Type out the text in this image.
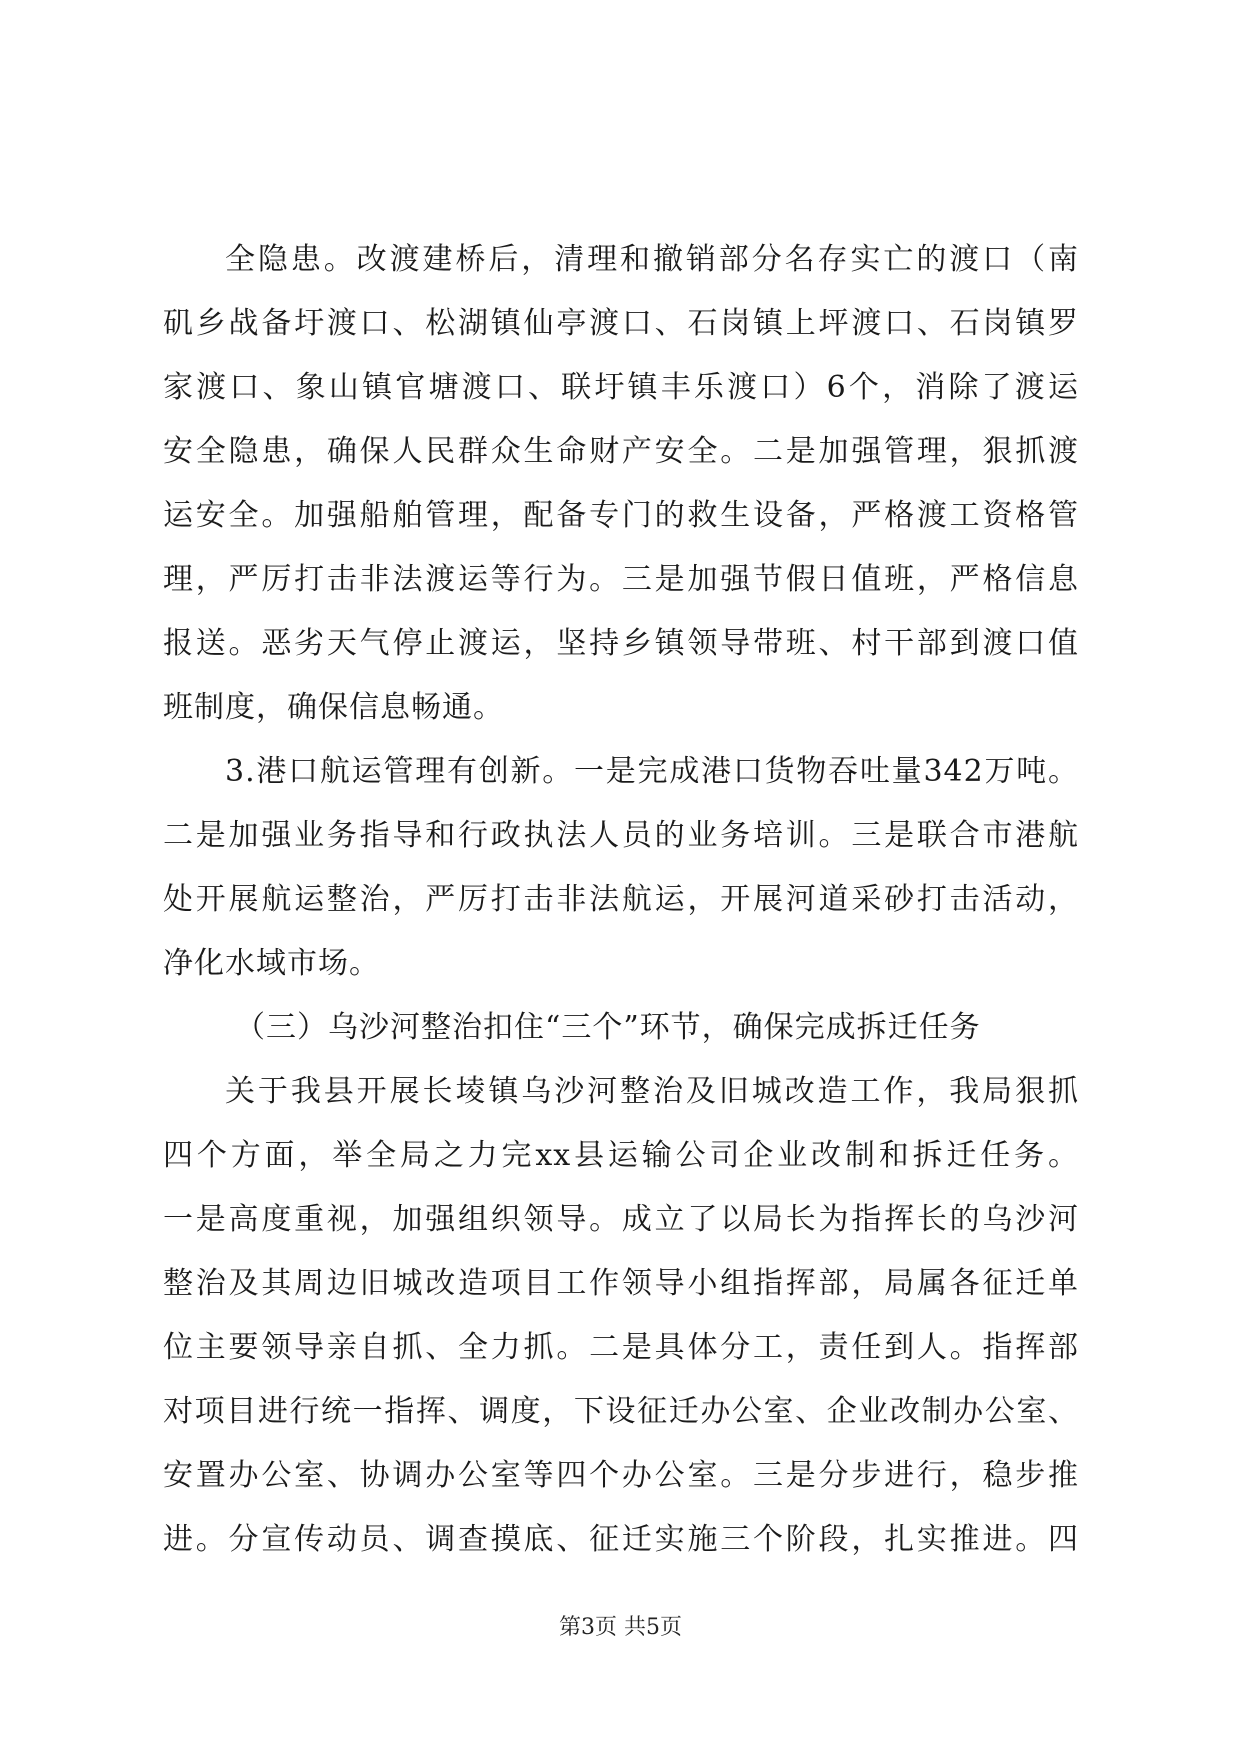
全隐患。改渡建桥后，清理和撤销部分名存实亡的渡口（南
矶乡战备圩渡口、松湖镇仙亭渡口、石岗镇上坪渡口、石岗镇罗
家渡口、象山镇官塘渡口、联圩镇丰乐渡口）6个，消除了渡运
安全隐患，确保人民群众生命财产安全。二是加强管理，狠抓渡
运安全。加强船舶管理，配备专门的救生设备，严格渡工资格管
理，严厉打击非法渡运等行为。三是加强节假日值班，严格信息
报送。恶劣天气停止渡运，坚持乡镇领导带班、村干部到渡口值
班制度，确保信息畅通。
3.港口航运管理有创新。一是完成港口货物吞吐量342万吨。
二是加强业务指导和行政执法人员的业务培训。三是联合市港航
处开展航运整治，严厉打击非法航运，开展河道采砂打击活动，
净化水域市场。
（三）乌沙河整治扣住“三个”环节，确保完成拆迁任务
关于我县开展长堎镇乌沙河整治及旧城改造工作，我局狠抓
四个方面，举全局之力完xx县运输公司企业改制和拆迁任务。
一是高度重视，加强组织领导。成立了以局长为指挥长的乌沙河
整治及其周边旧城改造项目工作领导小组指挥部，局属各征迁单
位主要领导亲自抓、全力抓。二是具体分工，责任到人。指挥部
对项目进行统一指挥、调度，下设征迁办公室、企业改制办公室、
安置办公室、协调办公室等四个办公室。三是分步进行，稳步推
进。分宣传动员、调查摸底、征迁实施三个阶段，扎实推进。四
第3页 共5页
